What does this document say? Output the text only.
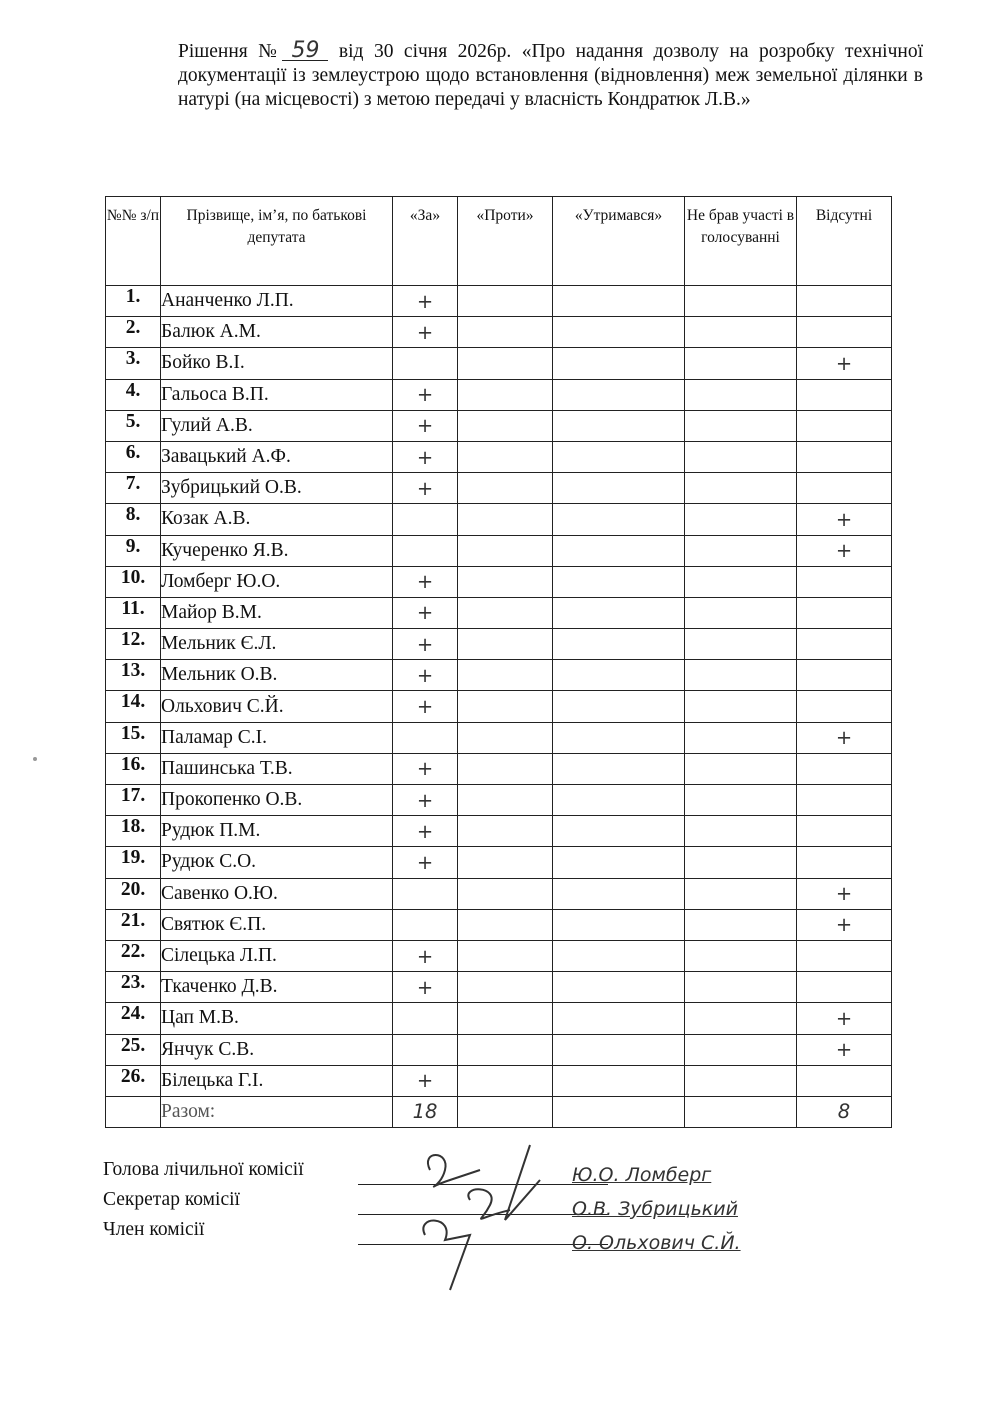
Рішення № 59 від 30 січня 2026р. «Про надання дозволу на розробку технічної документації із землеустрою щодо встановлення (відновлення) меж земельної ділянки в натурі (на місцевості) з метою передачі у власність Кондратюк Л.В.»
№№ з/п	Прізвище, ім’я, по батькові депутата	«За»	«Проти»	«Утримався»	Не брав участі в голосуванні	Відсутні
1.	Ананченко Л.П.	+				
2.	Балюк А.М.	+				
3.	Бойко В.І.					+
4.	Гальоса В.П.	+				
5.	Гулий А.В.	+				
6.	Завацький А.Ф.	+				
7.	Зубрицький О.В.	+				
8.	Козак А.В.					+
9.	Кучеренко Я.В.					+
10.	Ломберг Ю.О.	+				
11.	Майор В.М.	+				
12.	Мельник Є.Л.	+				
13.	Мельник О.В.	+				
14.	Ольхович С.Й.	+				
15.	Паламар С.І.					+
16.	Пашинська Т.В.	+				
17.	Прокопенко О.В.	+				
18.	Рудюк П.М.	+				
19.	Рудюк С.О.	+				
20.	Савенко О.Ю.					+
21.	Святюк Є.П.					+
22.	Сілецька Л.П.	+				
23.	Ткаченко Д.В.	+				
24.	Цап М.В.					+
25.	Янчук С.В.					+
26.	Білецька Г.І.	+				
	Разом:	18				8
Голова лічильної комісії
Секретар комісії
Член комісії
Ю.О. Ломберг
О.В. Зубрицький
О. Ольхович С.Й.
